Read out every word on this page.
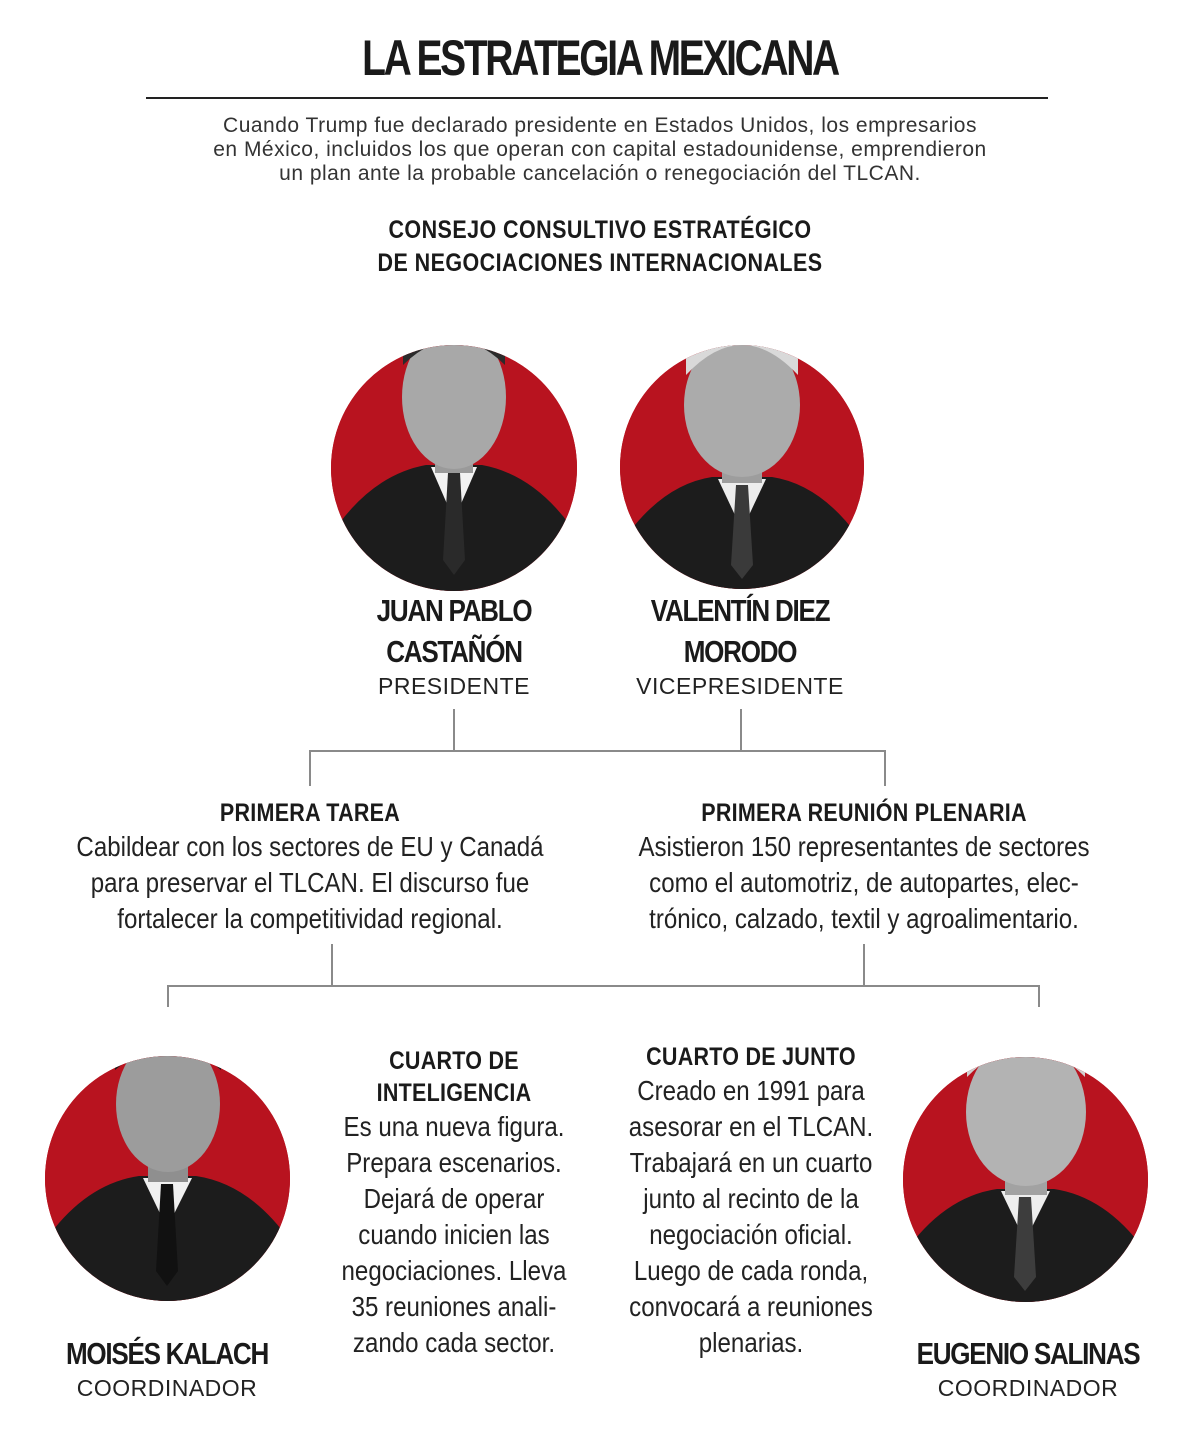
LA ESTRATEGIA MEXICANA
Cuando Trump fue declarado presidente en Estados Unidos, los empresarios
en México, incluidos los que operan con capital estadounidense, emprendieron
un plan ante la probable cancelación o renegociación del TLCAN.
CONSEJO CONSULTIVO ESTRATÉGICO
DE NEGOCIACIONES INTERNACIONALES
JUAN PABLO
CASTAÑÓN
PRESIDENTE
VALENTÍN DIEZ
MORODO
VICEPRESIDENTE
PRIMERA TAREA
Cabildear con los sectores de EU y Canadá
para preservar el TLCAN. El discurso fue
fortalecer la competitividad regional.
PRIMERA REUNIÓN PLENARIA
Asistieron 150 representantes de sectores
como el automotriz, de autopartes, elec-
trónico, calzado, textil y agroalimentario.
CUARTO DE
INTELIGENCIA
Es una nueva figura.
Prepara escenarios.
Dejará de operar
cuando inicien las
negociaciones. Lleva
35 reuniones anali-
zando cada sector.
CUARTO DE JUNTO
Creado en 1991 para
asesorar en el TLCAN.
Trabajará en un cuarto
junto al recinto de la
negociación oficial.
Luego de cada ronda,
convocará a reuniones
plenarias.
MOISÉS KALACH
COORDINADOR
EUGENIO SALINAS
COORDINADOR
